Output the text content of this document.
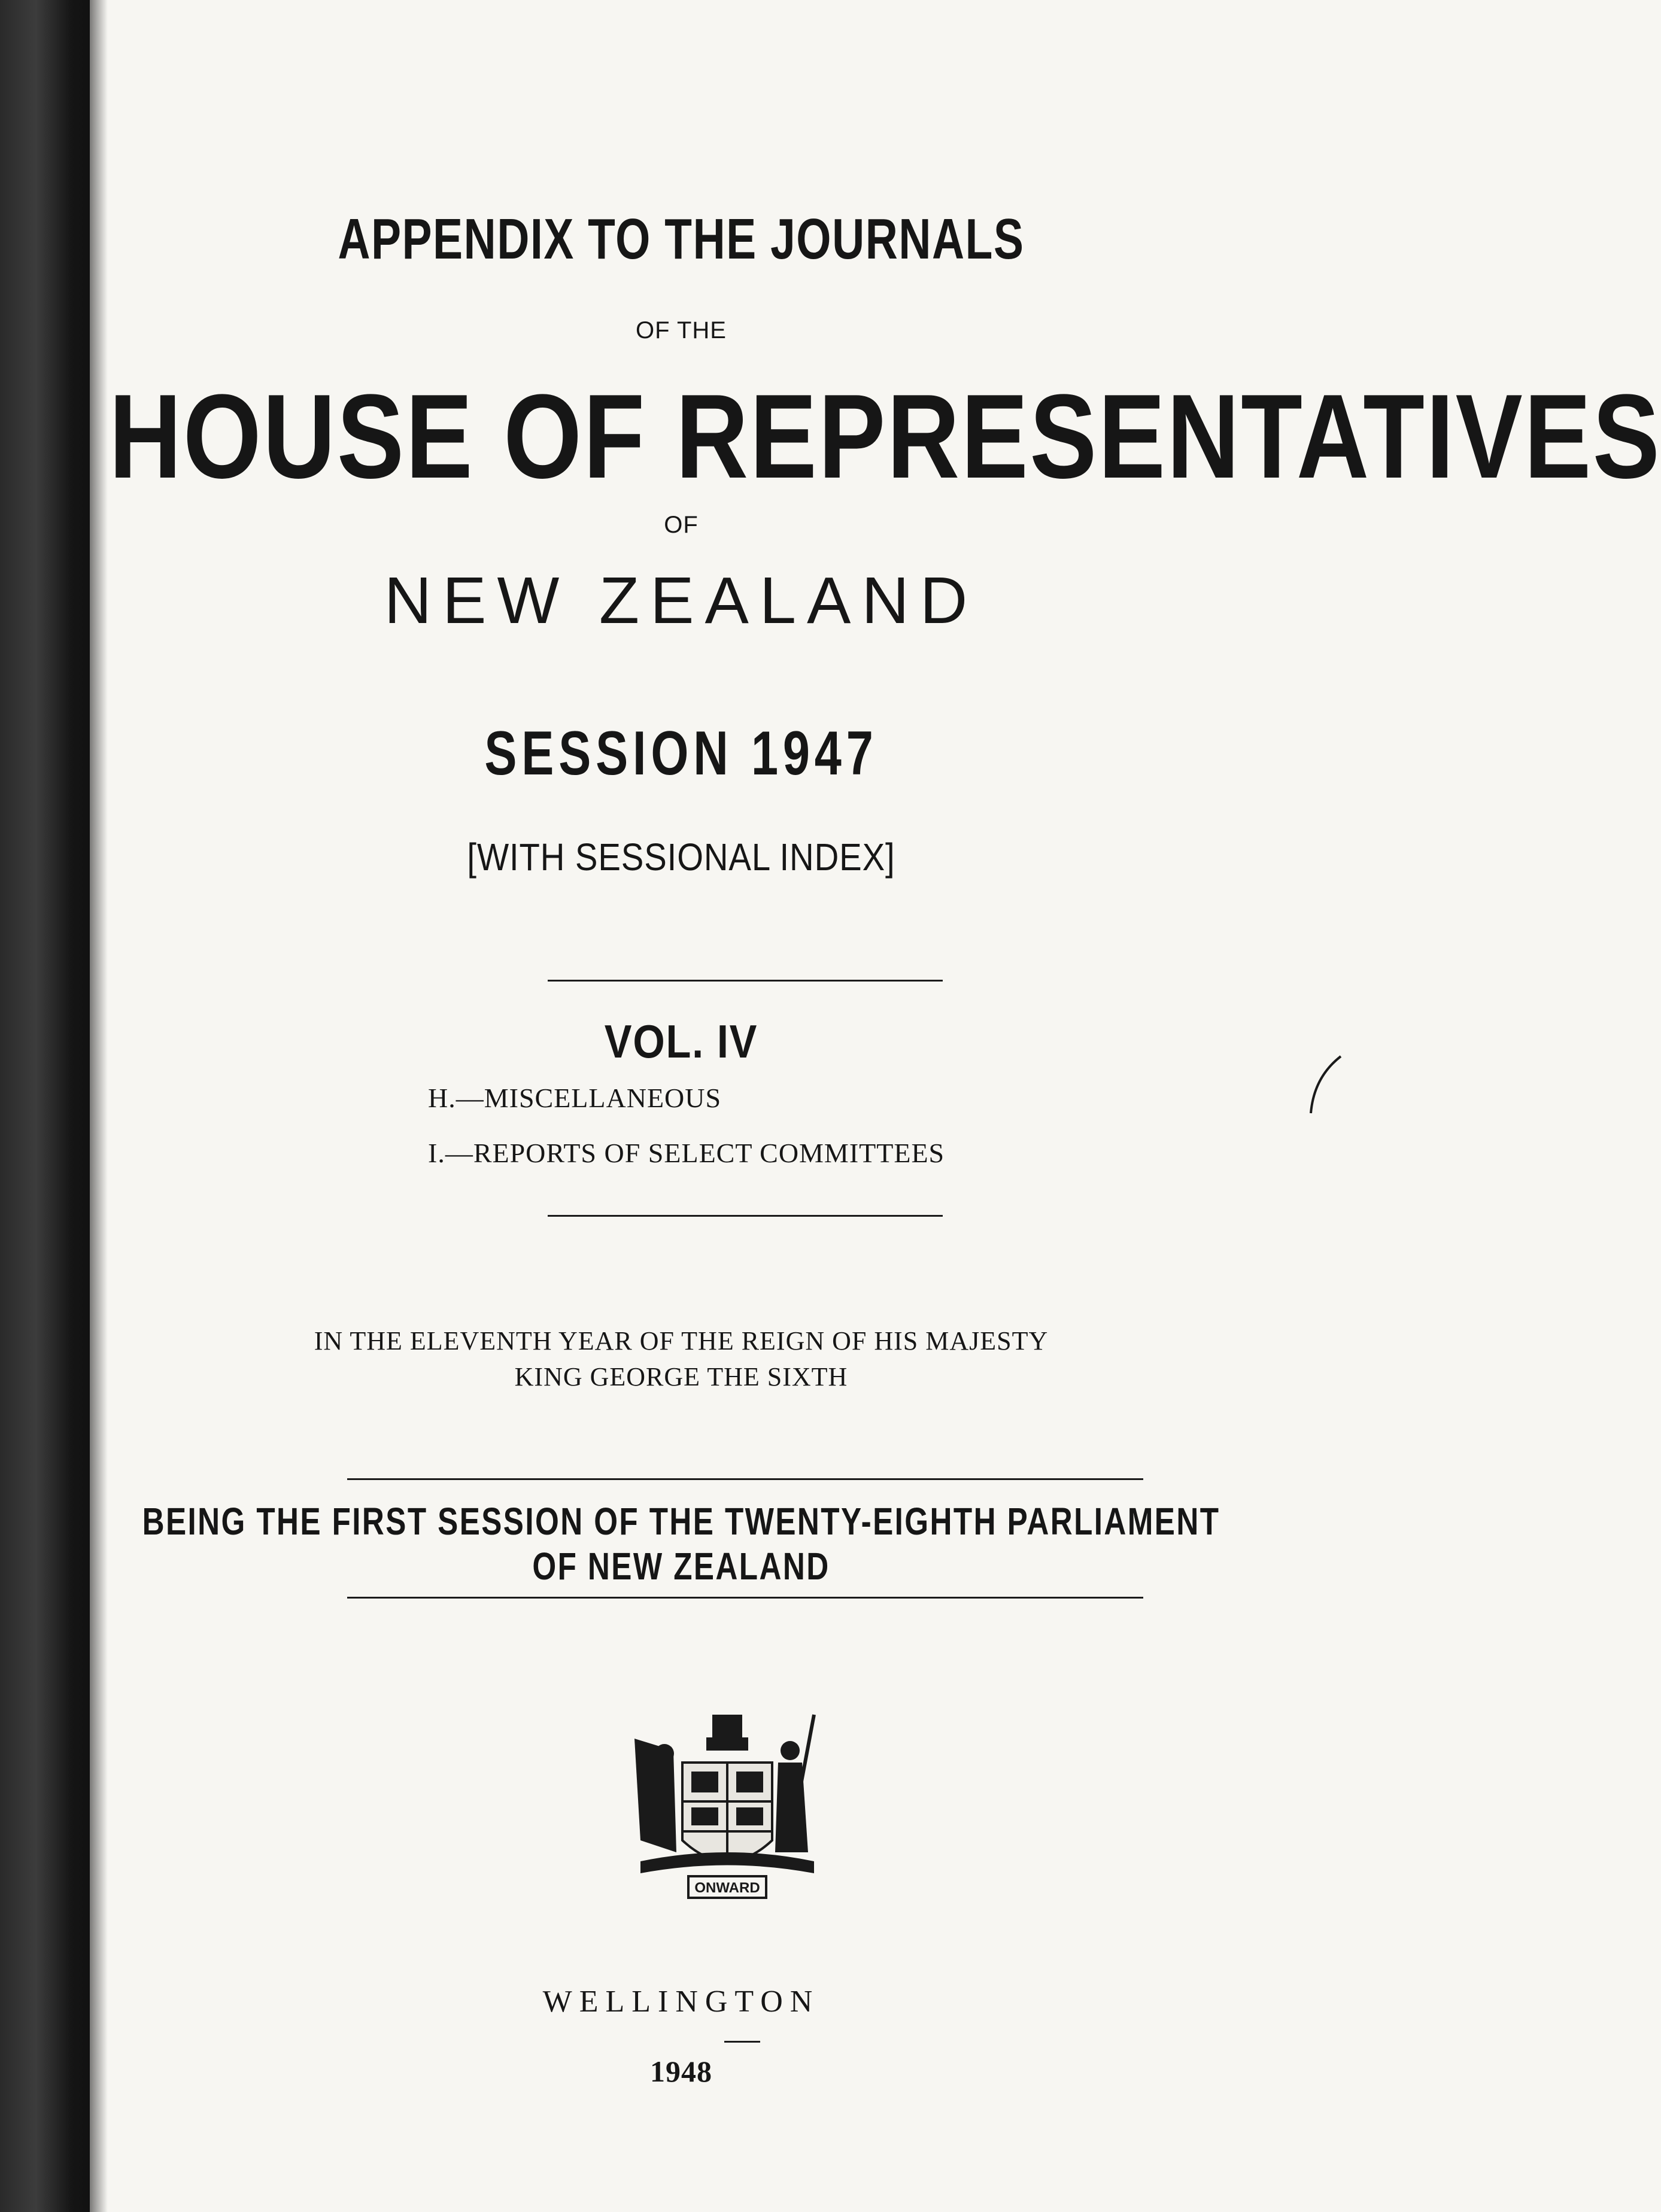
APPENDIX TO THE JOURNALS
OF THE
HOUSE OF REPRESENTATIVES
OF
NEW ZEALAND
SESSION 1947
[WITH SESSIONAL INDEX]
VOL. IV
H.—MISCELLANEOUS
I.—REPORTS OF SELECT COMMITTEES
IN THE ELEVENTH YEAR OF THE REIGN OF HIS MAJESTY
KING GEORGE THE SIXTH
BEING THE FIRST SESSION OF THE TWENTY-EIGHTH PARLIAMENT
OF NEW ZEALAND
ONWARD
WELLINGTON
1948
